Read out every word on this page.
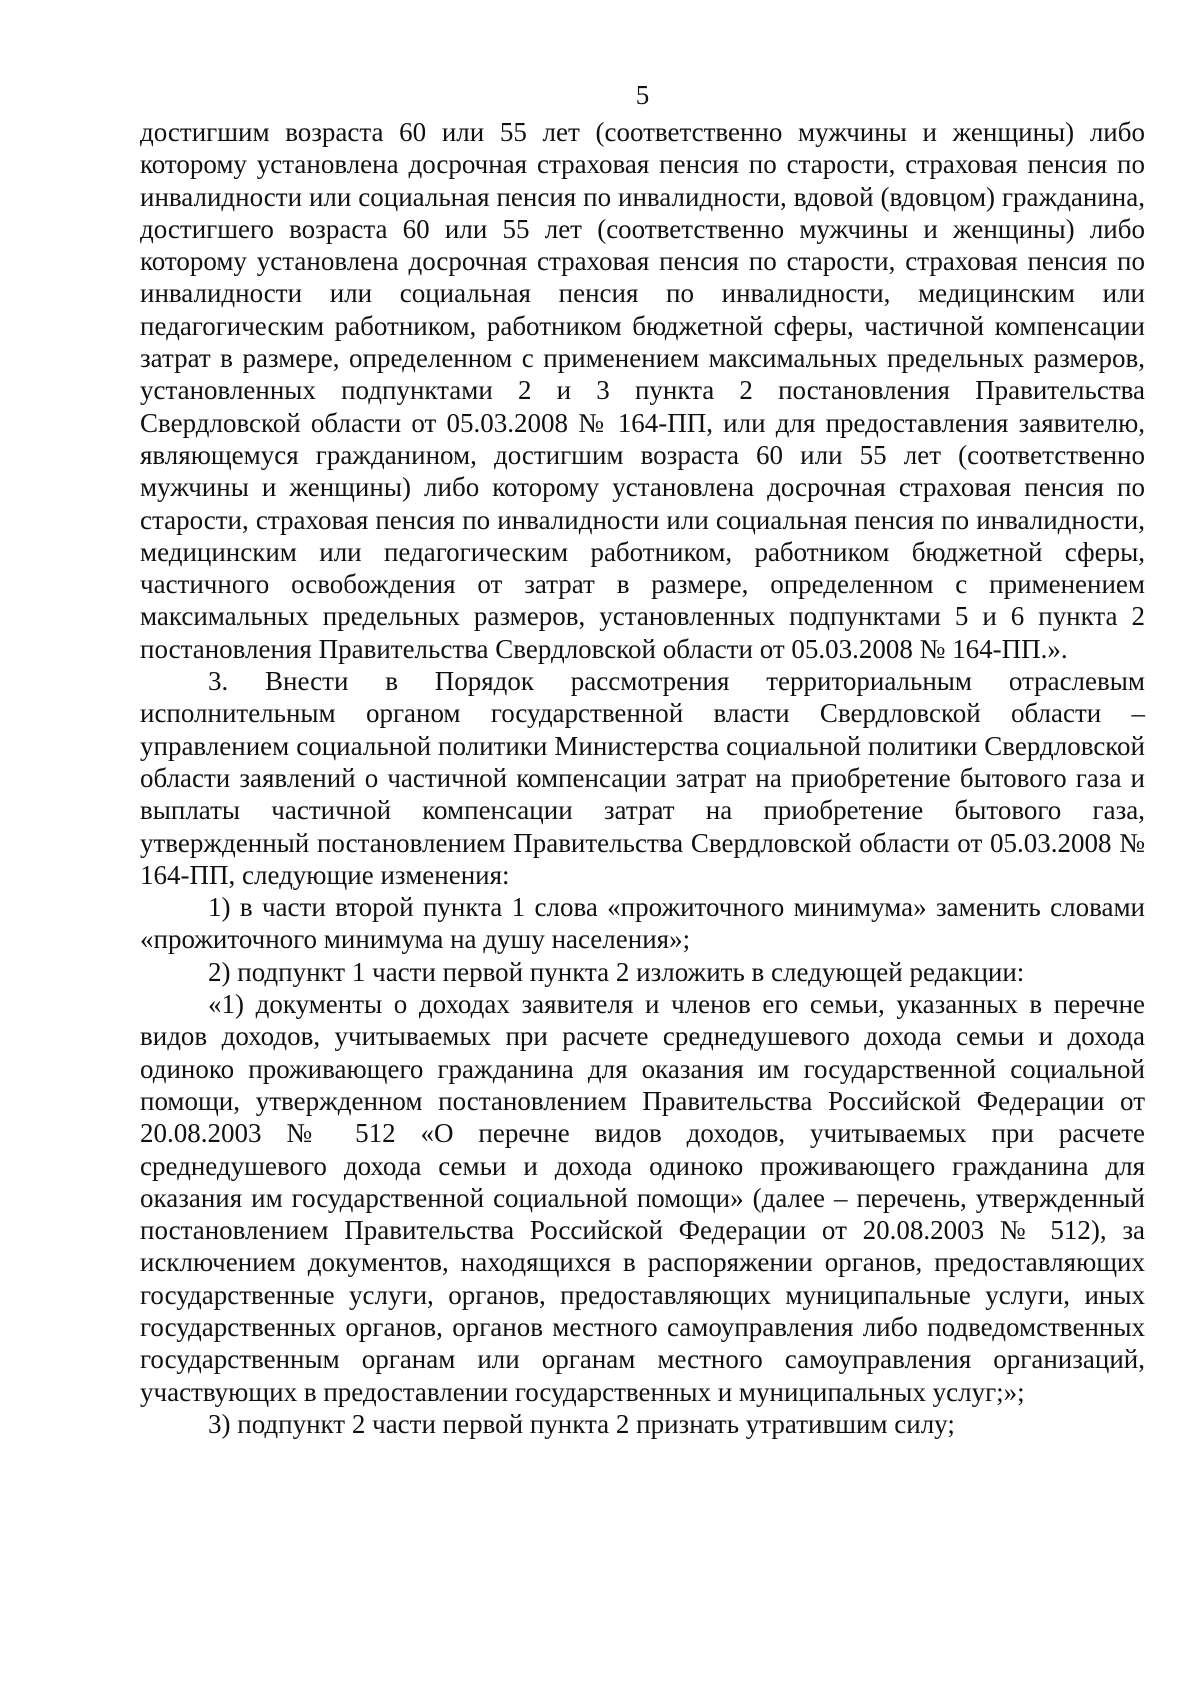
5

достигшим возраста 60 или 55 лет (соответственно мужчины и женщины) либо которому установлена досрочная страховая пенсия по старости, страховая пенсия по инвалидности или социальная пенсия по инвалидности, вдовой (вдовцом) гражданина, достигшего возраста 60 или 55 лет (соответственно мужчины и женщины) либо которому установлена досрочная страховая пенсия по старости, страховая пенсия по инвалидности или социальная пенсия по инвалидности, медицинским или педагогическим работником, работником бюджетной сферы, частичной компенсации затрат в размере, определенном с применением максимальных предельных размеров, установленных подпунктами 2 и 3 пункта 2 постановления Правительства Свердловской области от 05.03.2008 № 164-ПП, или для предоставления заявителю, являющемуся гражданином, достигшим возраста 60 или 55 лет (соответственно мужчины и женщины) либо которому установлена досрочная страховая пенсия по старости, страховая пенсия по инвалидности или социальная пенсия по инвалидности, медицинским или педагогическим работником, работником бюджетной сферы, частичного освобождения от затрат в размере, определенном с применением максимальных предельных размеров, установленных подпунктами 5 и 6 пункта 2 постановления Правительства Свердловской области от 05.03.2008 № 164-ПП.».

3. Внести в Порядок рассмотрения территориальным отраслевым исполнительным органом государственной власти Свердловской области – управлением социальной политики Министерства социальной политики Свердловской области заявлений о частичной компенсации затрат на приобретение бытового газа и выплаты частичной компенсации затрат на приобретение бытового газа, утвержденный постановлением Правительства Свердловской области от 05.03.2008 № 164-ПП, следующие изменения:

1) в части второй пункта 1 слова «прожиточного минимума» заменить словами «прожиточного минимума на душу населения»;

2) подпункт 1 части первой пункта 2 изложить в следующей редакции:

«1) документы о доходах заявителя и членов его семьи, указанных в перечне видов доходов, учитываемых при расчете среднедушевого дохода семьи и дохода одиноко проживающего гражданина для оказания им государственной социальной помощи, утвержденном постановлением Правительства Российской Федерации от 20.08.2003 № 512 «О перечне видов доходов, учитываемых при расчете среднедушевого дохода семьи и дохода одиноко проживающего гражданина для оказания им государственной социальной помощи» (далее – перечень, утвержденный постановлением Правительства Российской Федерации от 20.08.2003 № 512), за исключением документов, находящихся в распоряжении органов, предоставляющих государственные услуги, органов, предоставляющих муниципальные услуги, иных государственных органов, органов местного самоуправления либо подведомственных государственным органам или органам местного самоуправления организаций, участвующих в предоставлении государственных и муниципальных услуг;»;

3) подпункт 2 части первой пункта 2 признать утратившим силу;
